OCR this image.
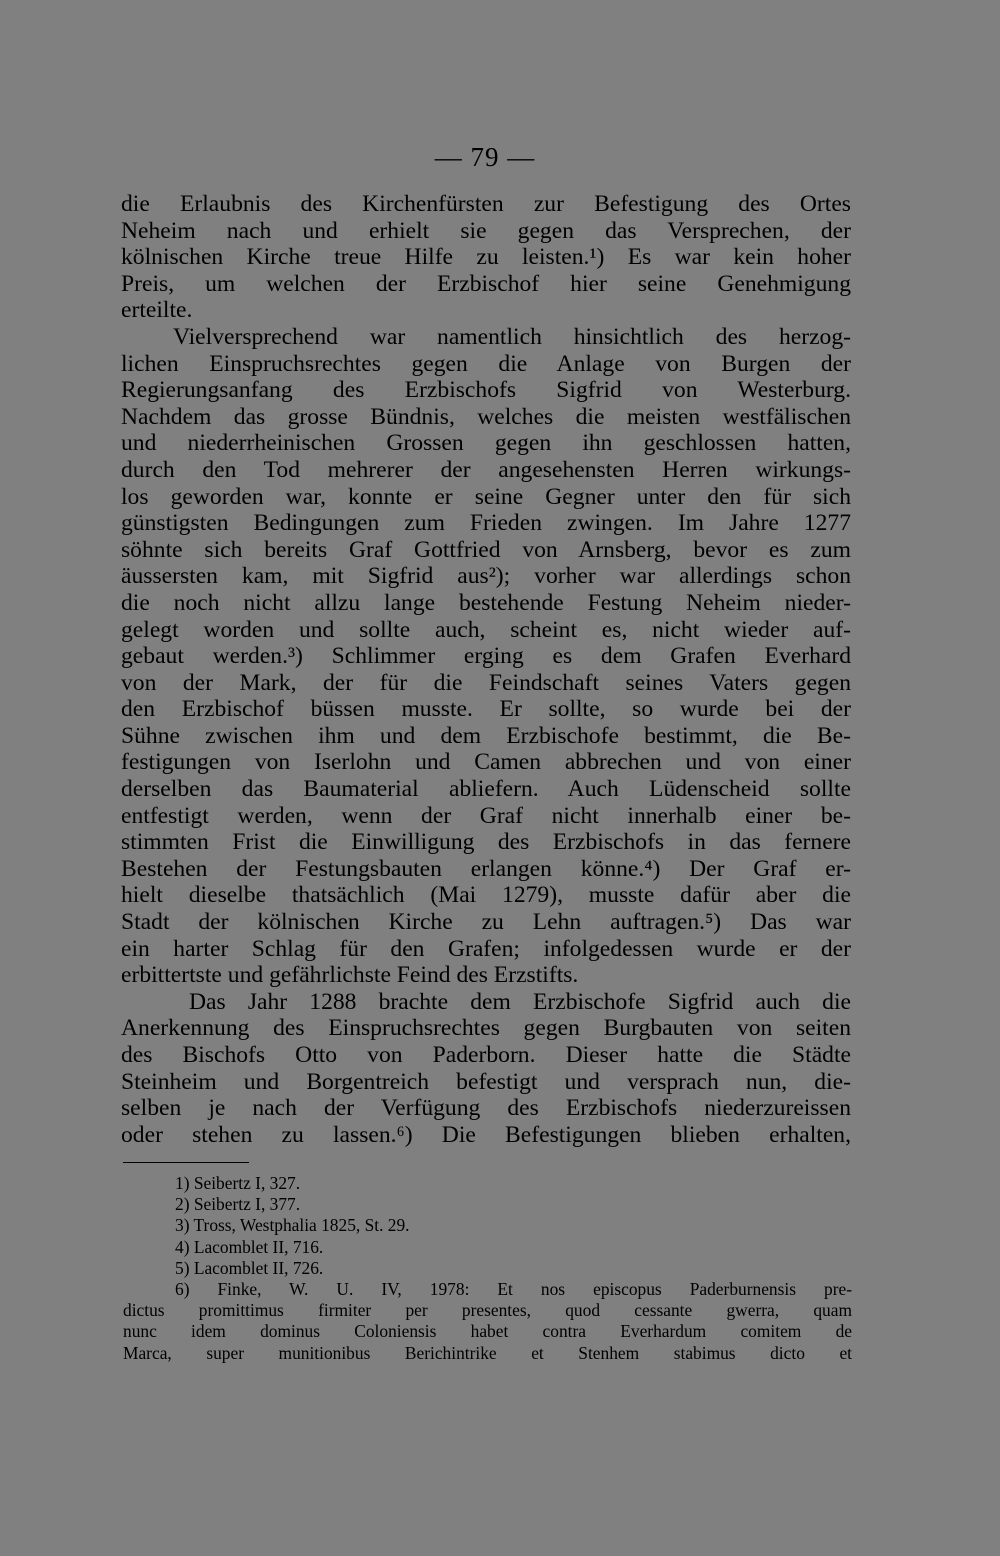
— 79 —
die Erlaubnis des Kirchenfürsten zur Befestigung des Ortes
Neheim nach und erhielt sie gegen das Versprechen, der
kölnischen Kirche treue Hilfe zu leisten.¹) Es war kein hoher
Preis, um welchen der Erzbischof hier seine Genehmigung
erteilte.
Vielversprechend war namentlich hinsichtlich des herzog-
lichen Einspruchsrechtes gegen die Anlage von Burgen der
Regierungsanfang des Erzbischofs Sigfrid von Westerburg.
Nachdem das grosse Bündnis, welches die meisten westfälischen
und niederrheinischen Grossen gegen ihn geschlossen hatten,
durch den Tod mehrerer der angesehensten Herren wirkungs-
los geworden war, konnte er seine Gegner unter den für sich
günstigsten Bedingungen zum Frieden zwingen. Im Jahre 1277
söhnte sich bereits Graf Gottfried von Arnsberg, bevor es zum
äussersten kam, mit Sigfrid aus²); vorher war allerdings schon
die noch nicht allzu lange bestehende Festung Neheim nieder-
gelegt worden und sollte auch, scheint es, nicht wieder auf-
gebaut werden.³) Schlimmer erging es dem Grafen Everhard
von der Mark, der für die Feindschaft seines Vaters gegen
den Erzbischof büssen musste. Er sollte, so wurde bei der
Sühne zwischen ihm und dem Erzbischofe bestimmt, die Be-
festigungen von Iserlohn und Camen abbrechen und von einer
derselben das Baumaterial abliefern. Auch Lüdenscheid sollte
entfestigt werden, wenn der Graf nicht innerhalb einer be-
stimmten Frist die Einwilligung des Erzbischofs in das fernere
Bestehen der Festungsbauten erlangen könne.⁴) Der Graf er-
hielt dieselbe thatsächlich (Mai 1279), musste dafür aber die
Stadt der kölnischen Kirche zu Lehn auftragen.⁵) Das war
ein harter Schlag für den Grafen; infolgedessen wurde er der
erbittertste und gefährlichste Feind des Erzstifts.
Das Jahr 1288 brachte dem Erzbischofe Sigfrid auch die
Anerkennung des Einspruchsrechtes gegen Burgbauten von seiten
des Bischofs Otto von Paderborn. Dieser hatte die Städte
Steinheim und Borgentreich befestigt und versprach nun, die-
selben je nach der Verfügung des Erzbischofs niederzureissen
oder stehen zu lassen.⁶) Die Befestigungen blieben erhalten,
1) Seibertz I, 327.
2) Seibertz I, 377.
3) Tross, Westphalia 1825, St. 29.
4) Lacomblet II, 716.
5) Lacomblet II, 726.
6) Finke, W. U. IV, 1978: Et nos episcopus Paderburnensis pre-
dictus promittimus firmiter per presentes, quod cessante gwerra, quam
nunc idem dominus Coloniensis habet contra Everhardum comitem de
Marca, super munitionibus Berichintrike et Stenhem stabimus dicto et
